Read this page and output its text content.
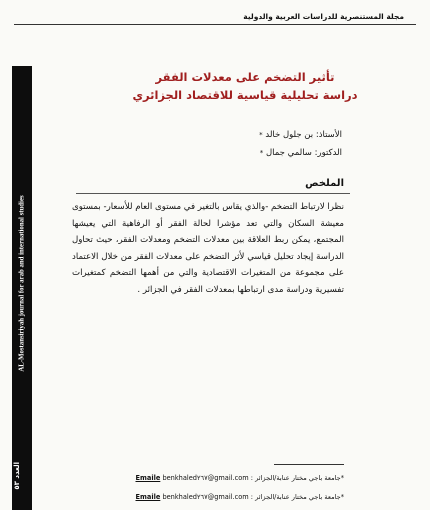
مجلة المستنصرية للدراسات العربية والدولية
AL-Mostansiriyah journal for arab and international studies
العدد ٥٣
تأثير التضخم على معدلات الفقر
دراسة تحليلية قياسية للاقتصاد الجزائري
الأستاذ: بن جلول خالد *
الدكتور: سالمي جمال *
الملخص
نظرا لارتباط التضخم -والذي يقاس بالتغير في مستوى العام للأسعار- بمستوى معيشة السكان والتي تعد مؤشرا لحالة الفقر أو الرفاهية التي يعيشها المجتمع، يمكن ربط العلاقة بين معدلات التضخم ومعدلات الفقر، حيث تحاول الدراسة إيجاد تحليل قياسي لأثر التضخم على معدلات الفقر من خلال الاعتماد على مجموعة من المتغيرات الاقتصادية والتي من أهمها التضخم كمتغيرات تفسيرية ودراسة مدى ارتباطها بمعدلات الفقر في الجزائر .
*جامعة باجي مختار عنابة/الجزائر Emaile benkhaled٢٦٧@gmail.com :
*جامعة باجي مختار عنابة/الجزائر Emaile benkhaled٢٦٧@gmail.com :
